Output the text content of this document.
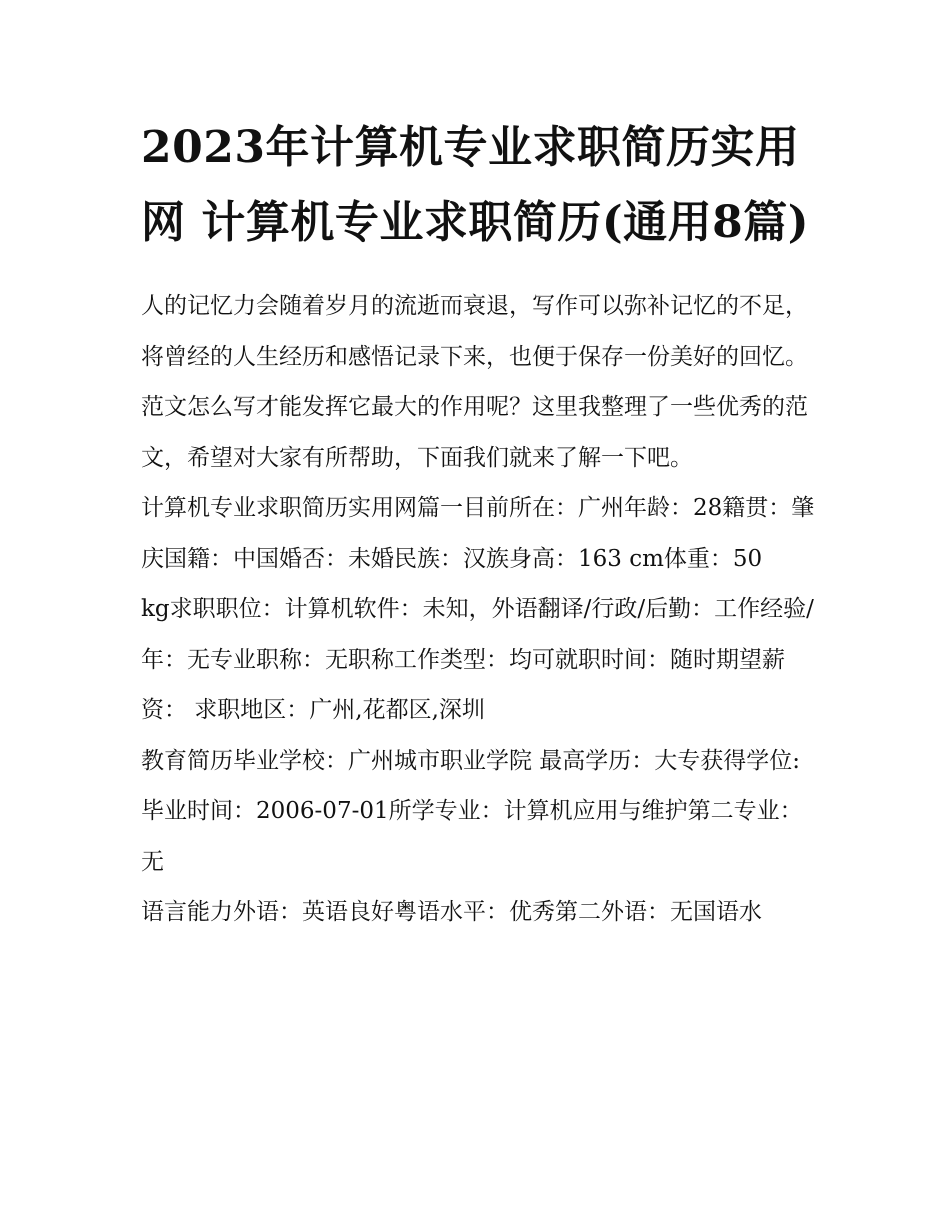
2023年计算机专业求职简历实用网 计算机专业求职简历(通用8篇)

人的记忆力会随着岁月的流逝而衰退，写作可以弥补记忆的不足，将曾经的人生经历和感悟记录下来，也便于保存一份美好的回忆。范文怎么写才能发挥它最大的作用呢？这里我整理了一些优秀的范文，希望对大家有所帮助，下面我们就来了解一下吧。

计算机专业求职简历实用网篇一目前所在：广州年龄：28籍贯：肇庆国籍：中国婚否：未婚民族：汉族身高：163 cm体重：50

kg求职职位：计算机软件：未知，外语翻译/行政/后勤：工作经验/年：无专业职称：无职称工作类型：均可就职时间：随时期望薪资： 求职地区：广州,花都区,深圳

教育简历毕业学校：广州城市职业学院 最高学历：大专获得学位:毕业时间：2006-07-01所学专业：计算机应用与维护第二专业：无

语言能力外语：英语良好粤语水平：优秀第二外语：无国语水
